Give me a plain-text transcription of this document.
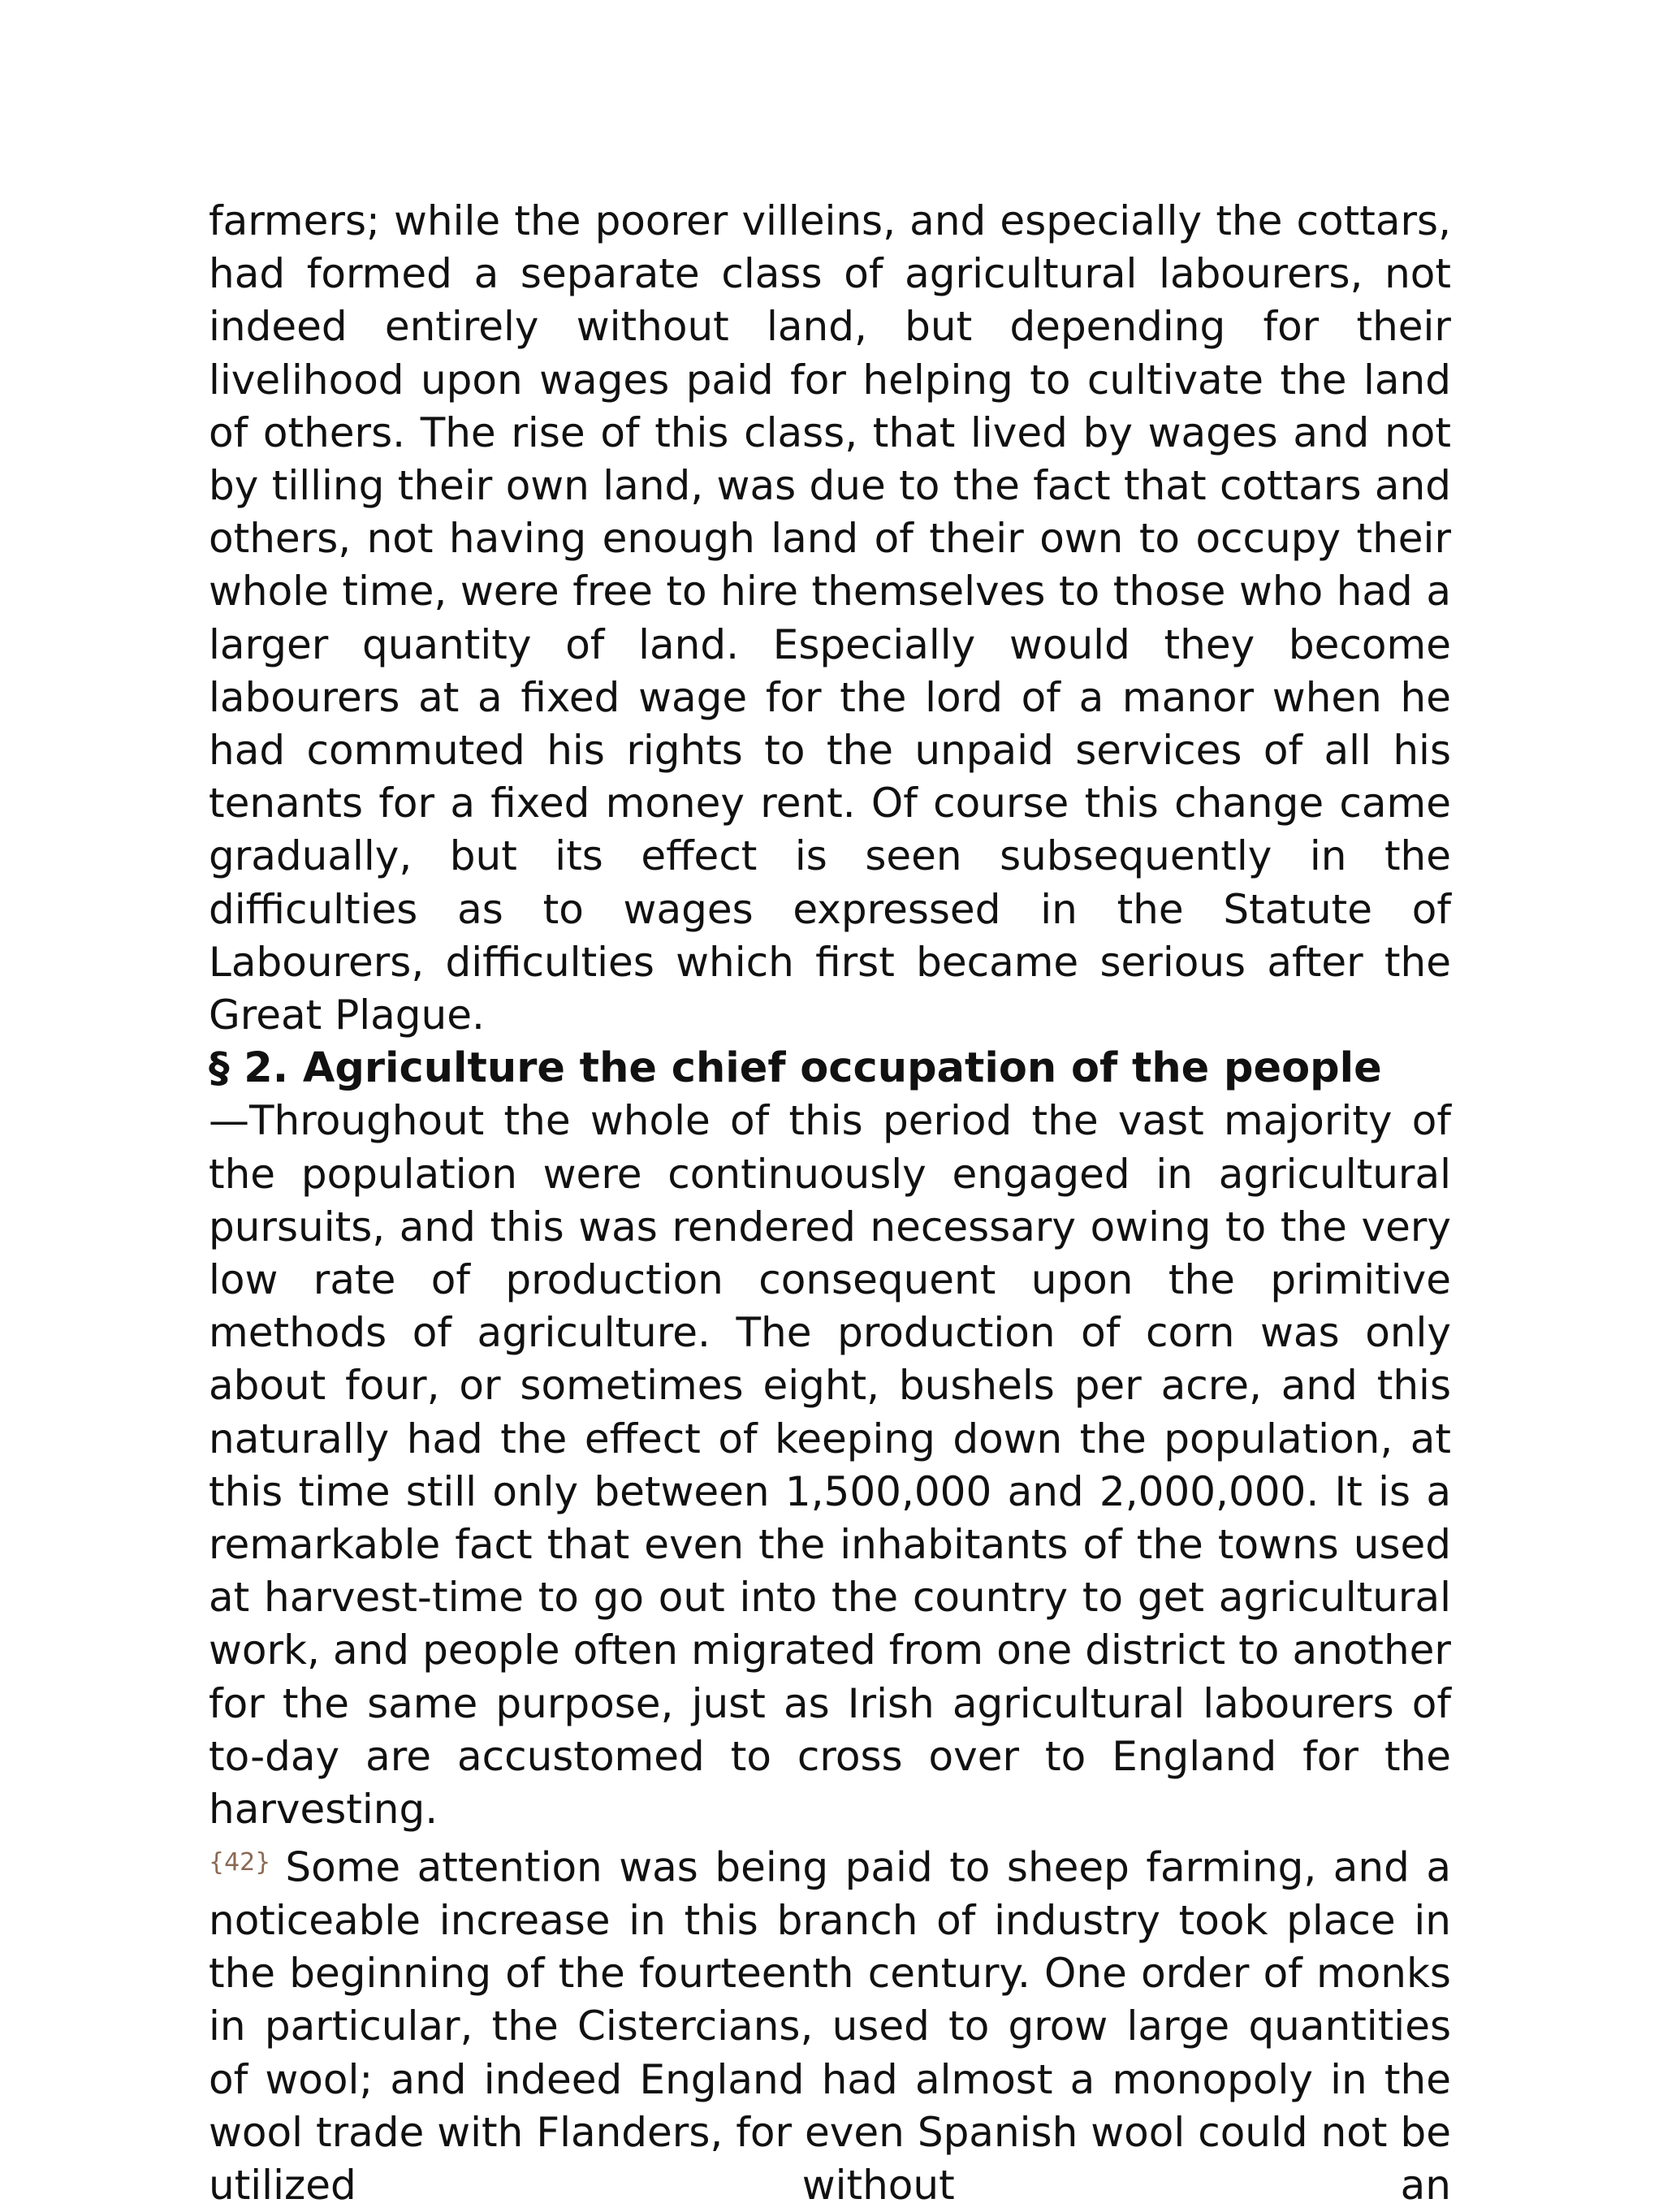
farmers; while the poorer villeins, and especially the cottars, had formed a separate class of agricultural labourers, not indeed entirely without land, but depending for their livelihood upon wages paid for helping to cultivate the land of others. The rise of this class, that lived by wages and not by tilling their own land, was due to the fact that cottars and others, not having enough land of their own to occupy their whole time, were free to hire themselves to those who had a larger quantity of land. Especially would they become labourers at a fixed wage for the lord of a manor when he had commuted his rights to the unpaid services of all his tenants for a fixed money rent. Of course this change came gradually, but its effect is seen subsequently in the difficulties as to wages expressed in the Statute of Labourers, difficulties which first became serious after the Great Plague.

§ 2. Agriculture the chief occupation of the people

—Throughout the whole of this period the vast majority of the population were continuously engaged in agricultural pursuits, and this was rendered necessary owing to the very low rate of production consequent upon the primitive methods of agriculture. The production of corn was only about four, or sometimes eight, bushels per acre, and this naturally had the effect of keeping down the population, at this time still only between 1,500,000 and 2,000,000. It is a remarkable fact that even the inhabitants of the towns used at harvest-time to go out into the country to get agricultural work, and people often migrated from one district to another for the same purpose, just as Irish agricultural labourers of to-day are accustomed to cross over to England for the harvesting.

$^{\{42\}}$ Some attention was being paid to sheep farming, and a noticeable increase in this branch of industry took place in the beginning of the fourteenth century. One order of monks in particular, the Cistercians, used to grow large quantities of wool; and indeed England had almost a monopoly in the wool trade with Flanders, for even Spanish wool could not be utilized without an
